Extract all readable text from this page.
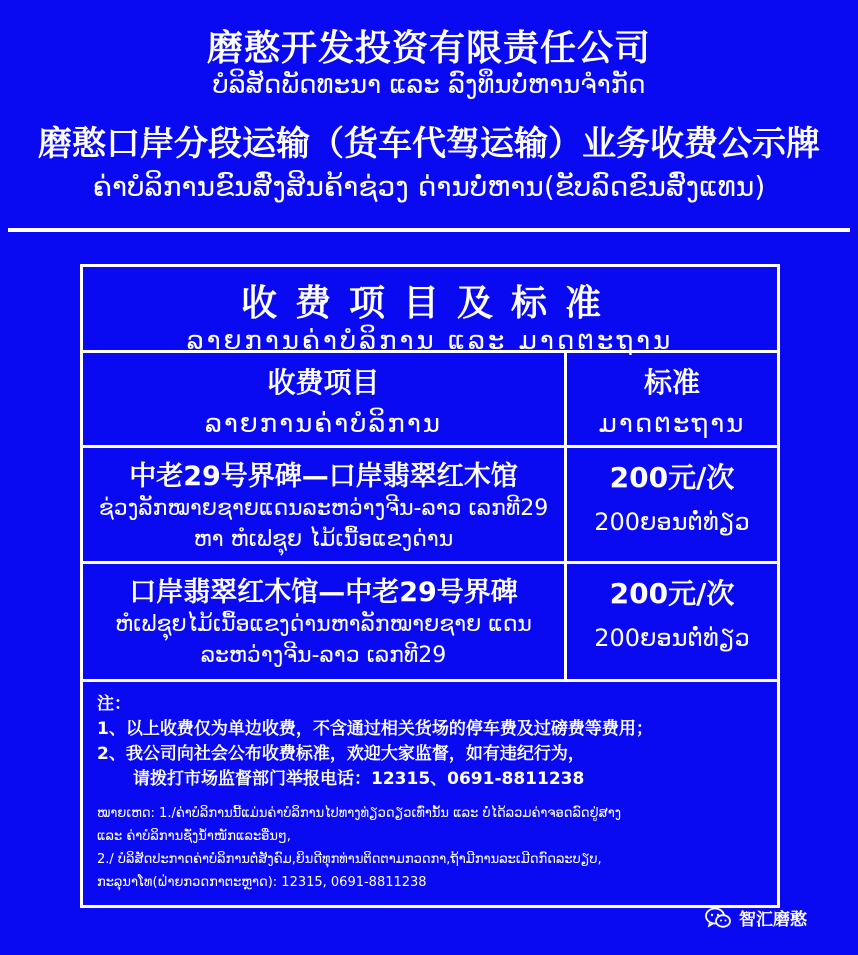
磨憨开发投资有限责任公司
ບໍລິສັດພັດທະນາ ແລະ ລົງທຶນບໍ່ຫານຈຳກັດ
磨憨口岸分段运输（货车代驾运输）业务收费公示牌
ຄ່າບໍລິການຂົນສົ່ງສິນຄ້າຊ່ວງ ດ່ານບໍ່ຫານ(ຂັບລົດຂົນສົ່ງແທນ)
收费项目及标准
ລາຍການຄ່າບໍລິການ ແລະ ມາດຕະຖານ
收费项目
ລາຍການຄ່າບໍລິການ
标准
ມາດຕະຖານ
中老29号界碑—口岸翡翠红木馆
ຊ່ວງລັກໝາຍຊາຍແດນລະຫວ່າງຈີນ-ລາວ ເລກທີ29 ຫາ ຫໍເຟຊຸຍ ໄມ້ເນື້ອແຂງດ່ານ
200元/次
200ຍອນຕໍ່ທ່ຽວ
口岸翡翠红木馆—中老29号界碑
ຫໍເຟຊຸຍໄມ້ເນື້ອແຂງດ່ານຫາລັກໝາຍຊາຍ ແດນລະຫວ່າງຈີນ-ລາວ ເລກທີ29
200元/次
200ຍອນຕໍ່ທ່ຽວ
注：
1、以上收费仅为单边收费，不含通过相关货场的停车费及过磅费等费用；
2、我公司向社会公布收费标准，欢迎大家监督，如有违纪行为，
请拨打市场监督部门举报电话：12315、0691-8811238
ໝາຍເຫດ: 1./ຄ່າບໍລິການນີ້ແມ່ນຄ່າບໍລິການໄປທາງທ່ຽວດຽວເທົ່ານັ້ນ ແລະ ບໍ່ໄດ້ລວມຄ່າຈອດລົດຢູ່ສາງ
ແລະ ຄ່າບໍລິການຊັ່ງນ້ຳໜັກແລະອື່ນໆ,
2./ ບໍລິສັດປະກາດຄ່າບໍລິການຕໍ່ສັງຄົມ,ຍິນດີທຸກທ່ານຕິດຕາມກວດກາ,ຖ້າມີການລະເມີດກົດລະບຽບ,
ກະລຸນາໂທ(ຝ່າຍກວດກາຕະຫຼາດ): 12315, 0691-8811238
智汇磨憨
